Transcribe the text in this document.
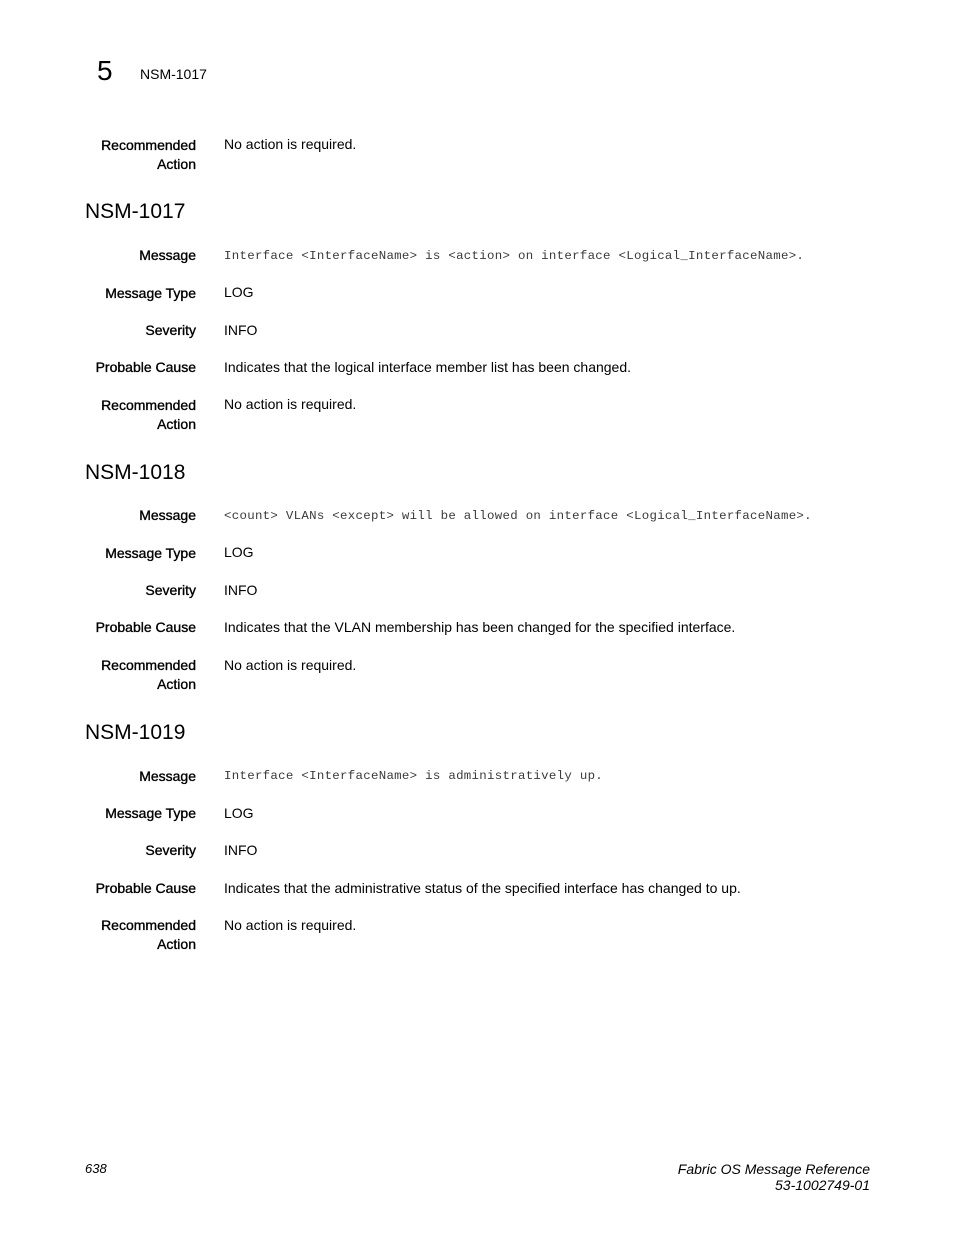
5 NSM-1017
Recommended
Action
No action is required.
NSM-1017
Message Interface <InterfaceName> is <action> on interface <Logical_InterfaceName>.
Message Type LOG
Severity INFO
Probable Cause Indicates that the logical interface member list has been changed.
Recommended
Action
No action is required.
NSM-1018
Message <count> VLANs <except> will be allowed on interface <Logical_InterfaceName>.
Message Type LOG
Severity INFO
Probable Cause Indicates that the VLAN membership has been changed for the specified interface.
Recommended
Action
No action is required.
NSM-1019
Message Interface <InterfaceName> is administratively up.
Message Type LOG
Severity INFO
Probable Cause Indicates that the administrative status of the specified interface has changed to up.
Recommended
Action
No action is required.
638	Fabric OS Message Reference
53-1002749-01
